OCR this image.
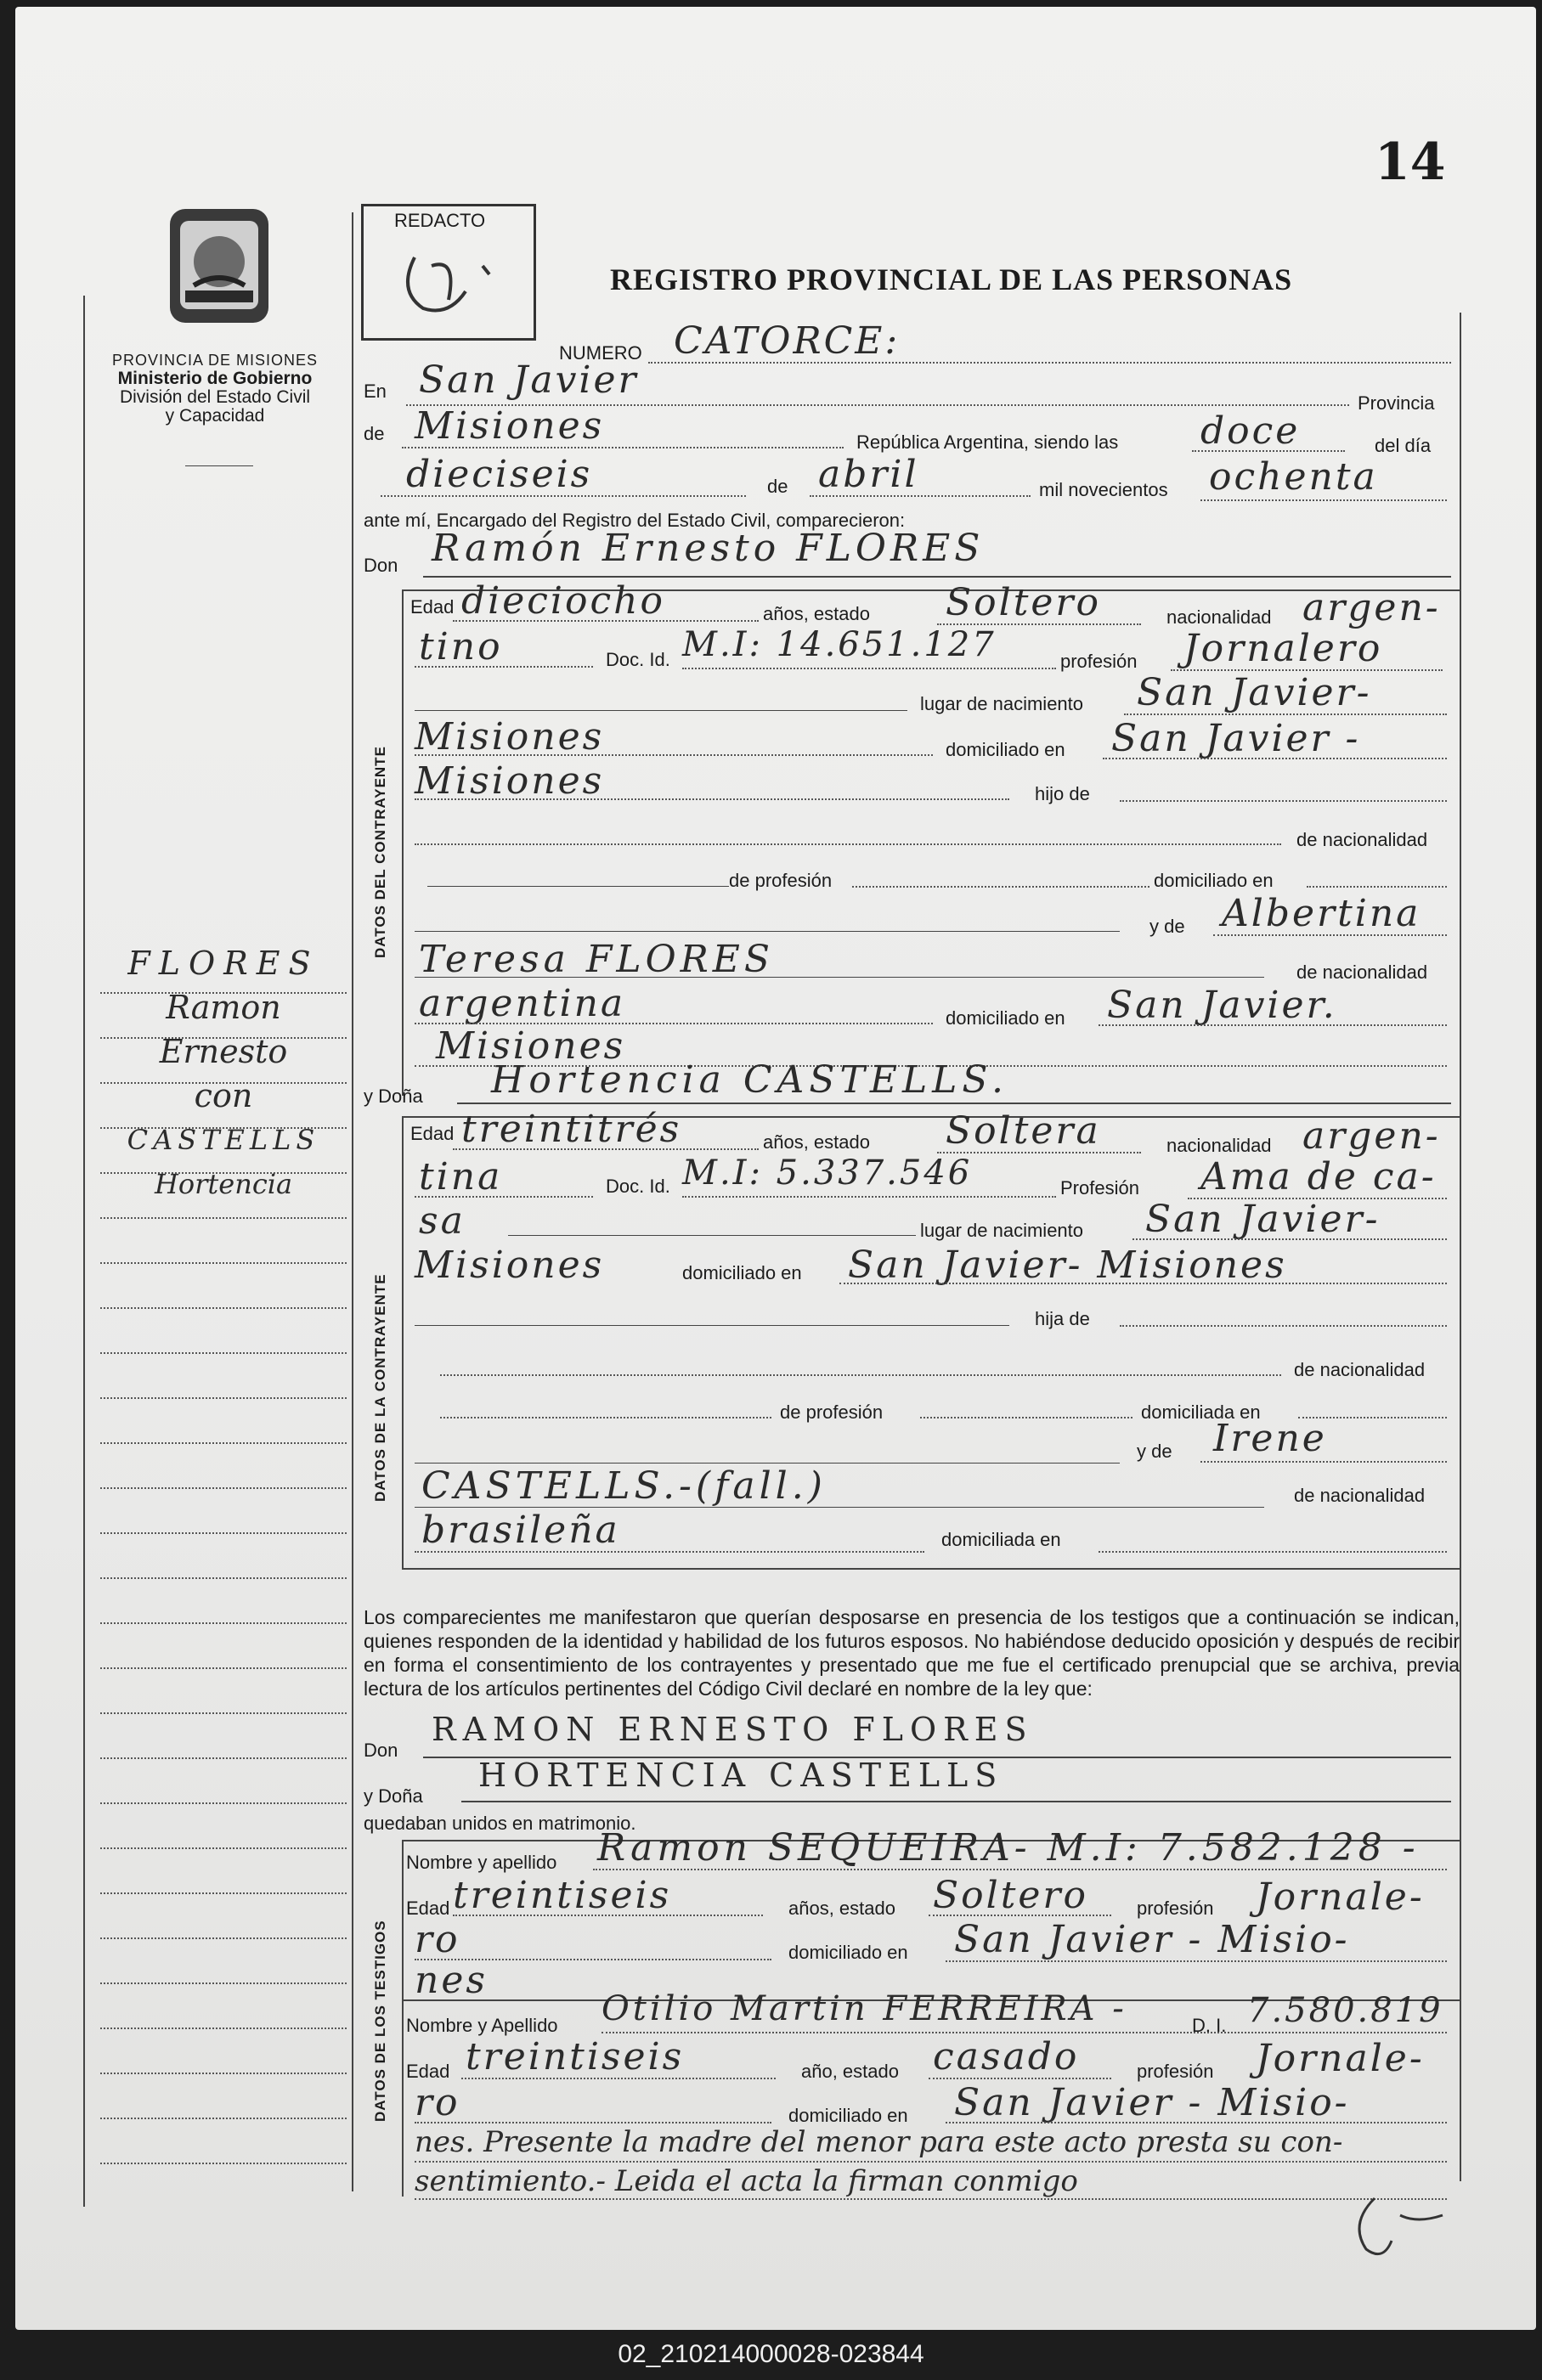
14
PROVINCIA DE MISIONES
Ministerio de Gobierno
División del Estado Civil
y Capacidad
FLORES
Ramon
Ernesto
con
CASTELLS
Hortencia
REDACTO
REGISTRO PROVINCIAL DE LAS PERSONAS
NUMERO CATORCE:
En San Javier
Provincia
de Misiones	República Argentina, siendo las doce	del día
dieciseis	de abril	mil novecientos ochenta
ante mí, Encargado del Registro del Estado Civil, comparecieron:
Don Ramón Ernesto FLORES
DATOS DEL CONTRAYENTE
Edad dieciocho	años, estado Soltero	nacionalidad argen-
tino	Doc. Id. M.I: 14.651.127	profesión Jornalero
lugar de nacimiento San Javier-
Misiones	domiciliado en San Javier -
Misiones	hijo de
de nacionalidad
de profesión	domiciliado en
y de Albertina
Teresa FLORES	de nacionalidad
argentina	domiciliado en San Javier.
Misiones
y Doña Hortencia CASTELLS.
DATOS DE LA CONTRAYENTE
Edad treintitrés	años, estado Soltera	nacionalidad argen-
tina	Doc. Id. M.I: 5.337.546	Profesión Ama de ca-
sa	lugar de nacimiento San Javier-
Misiones	domiciliado en San Javier- Misiones
hija de
de nacionalidad
de profesión	domiciliada en
y de Irene
CASTELLS.-(fall.)	de nacionalidad
brasileña	domiciliada en
Los comparecientes me manifestaron que querían desposarse en presencia de los testigos que a continuación se indican, quienes responden de la identidad y habilidad de los futuros esposos. No habiéndose deducido oposición y después de recibir en forma el consentimiento de los contrayentes y presentado que me fue el certificado prenupcial que se archiva, previa lectura de los artículos pertinentes del Código Civil declaré en nombre de la ley que:
Don
RAMON ERNESTO FLORES
y Doña
HORTENCIA CASTELLS
quedaban unidos en matrimonio.
DATOS DE LOS TESTIGOS
Nombre y apellido Ramon SEQUEIRA- M.I: 7.582.128 -
Edad treintiseis	años, estado Soltero	profesión Jornale-
ro	domiciliado en San Javier - Misio-
nes
Nombre y Apellido Otilio Martin FERREIRA -	D. I. 7.580.819
Edad treintiseis	año, estado casado	profesión Jornale-
ro	domiciliado en San Javier - Misio-
nes. Presente la madre del menor para este acto presta su con-
sentimiento.- Leida el acta la firman conmigo
02_210214000028-023844
